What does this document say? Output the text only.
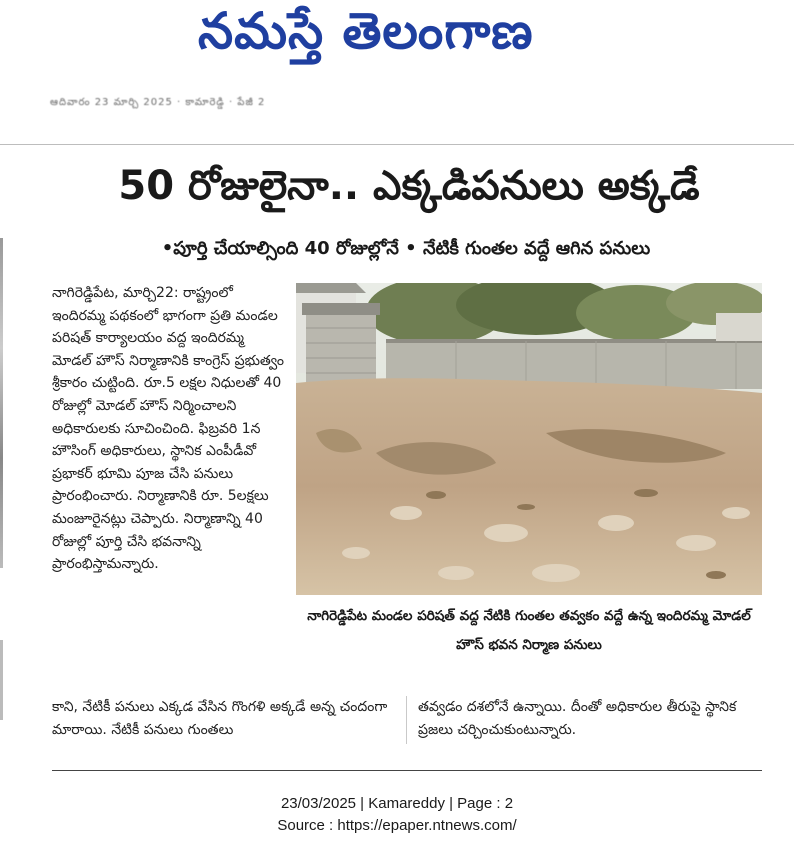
నమస్తే తెలంగాణ
ఆదివారం 23 మార్చి 2025 · కామారెడ్డి · పేజీ 2
50 రోజులైనా.. ఎక్కడిపనులు అక్కడే
•పూర్తి చేయాల్సింది 40 రోజుల్లోనే • నేటికీ గుంతల వద్దే ఆగిన పనులు

నాగిరెడ్డిపేట, మార్చి22: రాష్ట్రంలో ఇందిరమ్మ పథకంలో భాగంగా ప్రతి మండల పరిషత్ కార్యాలయం వద్ద ఇందిరమ్మ మోడల్ హౌస్ నిర్మాణానికి కాంగ్రెస్ ప్రభుత్వం శ్రీకారం చుట్టింది. రూ.5 లక్షల నిధులతో 40 రోజుల్లో మోడల్ హౌస్ నిర్మించాలని అధికారులకు సూచించింది. ఫిబ్రవరి 1న హౌసింగ్ అధికారులు, స్థానిక ఎంపీడీవో ప్రభాకర్ భూమి పూజ చేసి పనులు ప్రారంభించారు. నిర్మాణానికి రూ. 5లక్షలు మంజూరైనట్లు చెప్పారు. నిర్మాణాన్ని 40 రోజుల్లో పూర్తి చేసి భవనాన్ని ప్రారంభిస్తామన్నారు.

నాగిరెడ్డిపేట మండల పరిషత్ వద్ద నేటికి గుంతల తవ్వకం వద్దే ఉన్న ఇందిరమ్మ మోడల్ హౌస్ భవన నిర్మాణ పనులు
కాని, నేటికీ పనులు ఎక్కడ వేసిన గొంగళి అక్కడే అన్న చందంగా మారాయి. నేటికీ పనులు గుంతలు
తవ్వడం దశలోనే ఉన్నాయి. దీంతో అధికారుల తీరుపై స్థానిక ప్రజలు చర్చించుకుంటున్నారు.
23/03/2025 | Kamareddy | Page : 2
Source : https://epaper.ntnews.com/
